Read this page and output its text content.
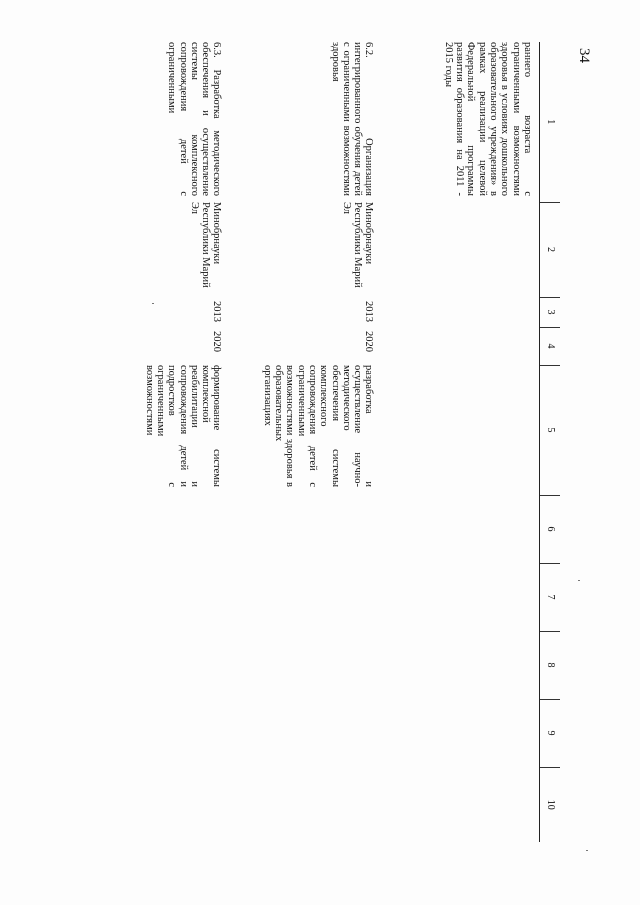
34
1	2	3	4	5	6	7	8	9	10
раннего возраста с ограниченными возможностями здоровья в условиях дошкольного образовательного учреждения» в рамках реализации целевой Федеральной программы развития образования на 2011 - 2015 годы									
6.2. Организация интегрированного обучения детей с ограниченными возможностями здоровья	Минобрнауки Республики Марий Эл	2013	2020	разработка и осуществление научно-методического обеспечения системы комплексного сопровождения детей с ограниченными возможностями здоровья в образовательных организациях					
6.3. Разработка методического обеспечения и осуществление системы комплексного сопровождения детей с ограниченными	Минобрнауки Республики Марий Эл	2013	2020	формирование системы комплексной реабилитации и сопровождения детей и подростков с ограниченными возможностями					
